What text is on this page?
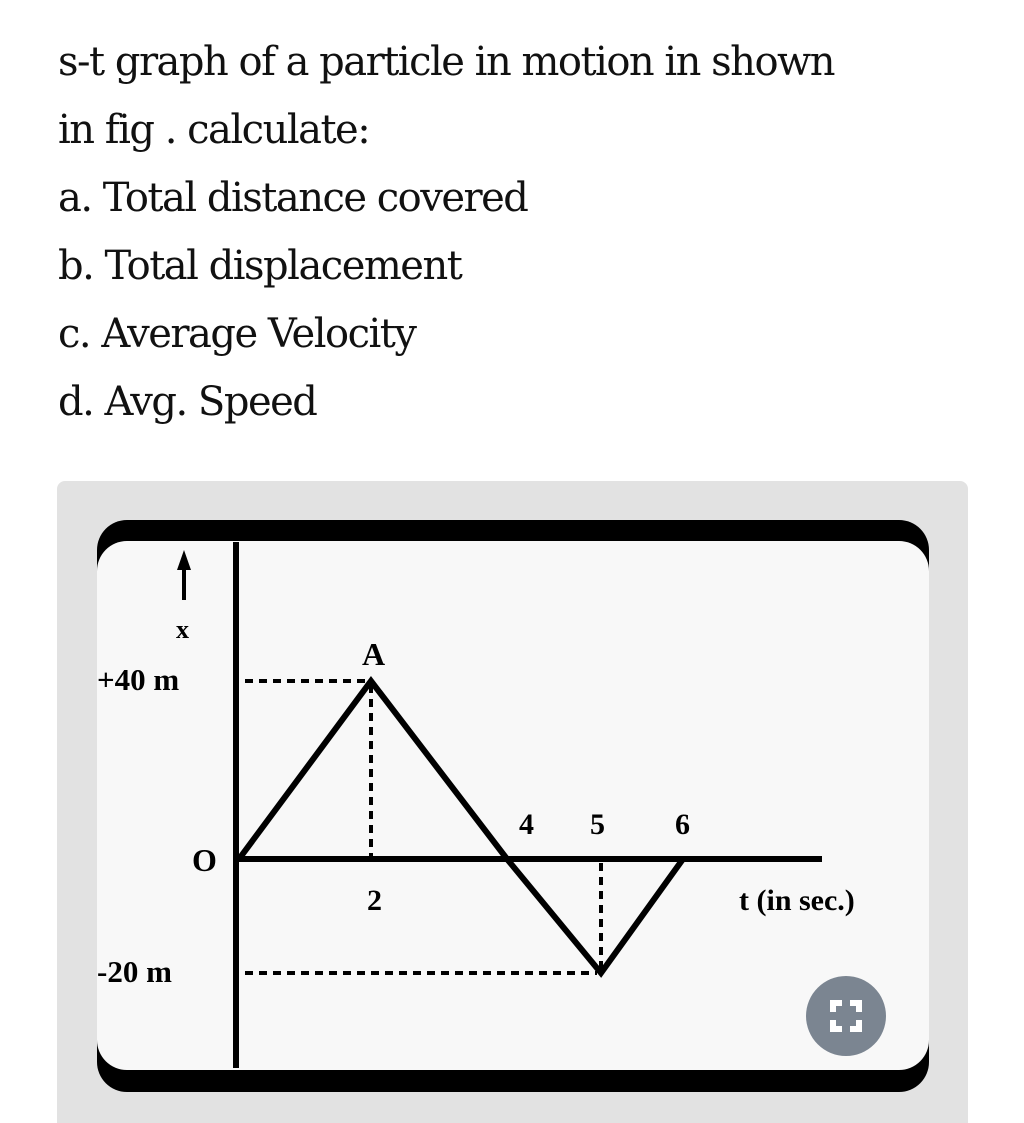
s-t graph of a particle in motion in shown

in fig . calculate:

a. Total distance covered

b. Total displacement

c. Average Velocity

d. Avg. Speed

x
+40 m
-20 m
O
A
2
4 5 6
t (in sec.)
